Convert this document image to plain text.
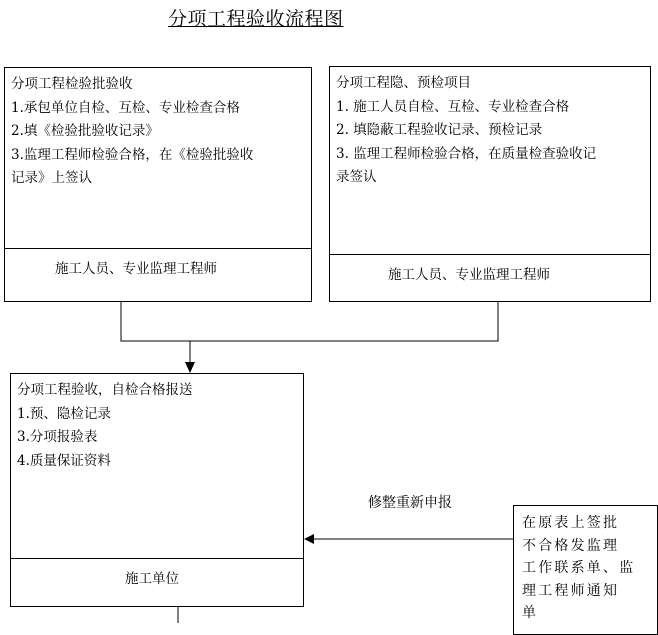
分项工程验收流程图
分项工程检验批验收
1.承包单位自检、互检、专业检查合格
2.填《检验批验收记录》
3.监理工程师检验合格，在《检验批验收
记录》上签认
施工人员、专业监理工程师
分项工程隐、预检项目
1. 施工人员自检、互检、专业检查合格
2. 填隐蔽工程验收记录、预检记录
3. 监理工程师检验合格，在质量检查验收记
录签认
施工人员、专业监理工程师
分项工程验收，自检合格报送
1.预、隐检记录
3.分项报验表
4.质量保证资料
施工单位
修整重新申报
在原表上签批
不合格发监理
工作联系单、监
理工程师通知
单
